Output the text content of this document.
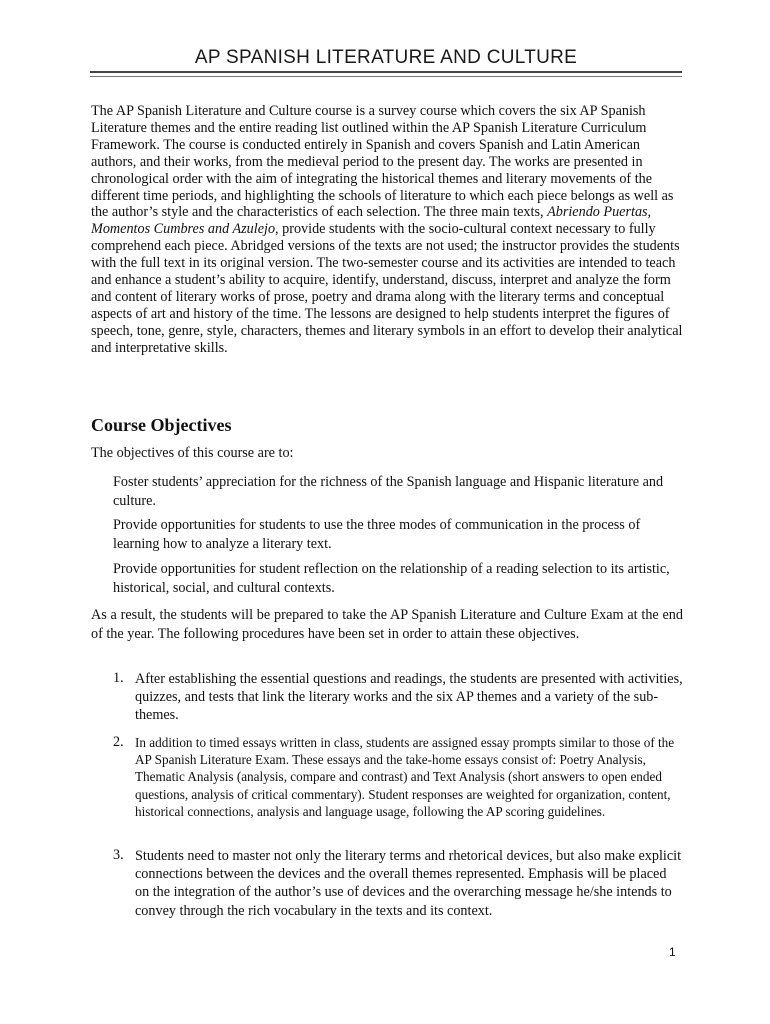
AP SPANISH LITERATURE AND CULTURE

The AP Spanish Literature and Culture course is a survey course which covers the six AP Spanish Literature themes and the entire reading list outlined within the AP Spanish Literature Curriculum Framework. The course is conducted entirely in Spanish and covers Spanish and Latin American authors, and their works, from the medieval period to the present day. The works are presented in chronological order with the aim of integrating the historical themes and literary movements of the different time periods, and highlighting the schools of literature to which each piece belongs as well as the author’s style and the characteristics of each selection. The three main texts, Abriendo Puertas, Momentos Cumbres and Azulejo, provide students with the socio-cultural context necessary to fully comprehend each piece. Abridged versions of the texts are not used; the instructor provides the students with the full text in its original version. The two-semester course and its activities are intended to teach and enhance a student’s ability to acquire, identify, understand, discuss, interpret and analyze the form and content of literary works of prose, poetry and drama along with the literary terms and conceptual aspects of art and history of the time. The lessons are designed to help students interpret the figures of speech, tone, genre, style, characters, themes and literary symbols in an effort to develop their analytical and interpretative skills.

Course Objectives

The objectives of this course are to:

Foster students’ appreciation for the richness of the Spanish language and Hispanic literature and culture.

Provide opportunities for students to use the three modes of communication in the process of learning how to analyze a literary text.

Provide opportunities for student reflection on the relationship of a reading selection to its artistic, historical, social, and cultural contexts.

As a result, the students will be prepared to take the AP Spanish Literature and Culture Exam at the end of the year. The following procedures have been set in order to attain these objectives.

1. After establishing the essential questions and readings, the students are presented with activities, quizzes, and tests that link the literary works and the six AP themes and a variety of the sub-themes.

2. In addition to timed essays written in class, students are assigned essay prompts similar to those of the AP Spanish Literature Exam. These essays and the take-home essays consist of: Poetry Analysis, Thematic Analysis (analysis, compare and contrast) and Text Analysis (short answers to open ended questions, analysis of critical commentary). Student responses are weighted for organization, content, historical connections, analysis and language usage, following the AP scoring guidelines.

3. Students need to master not only the literary terms and rhetorical devices, but also make explicit connections between the devices and the overall themes represented. Emphasis will be placed on the integration of the author’s use of devices and the overarching message he/she intends to convey through the rich vocabulary in the texts and its context.

1
